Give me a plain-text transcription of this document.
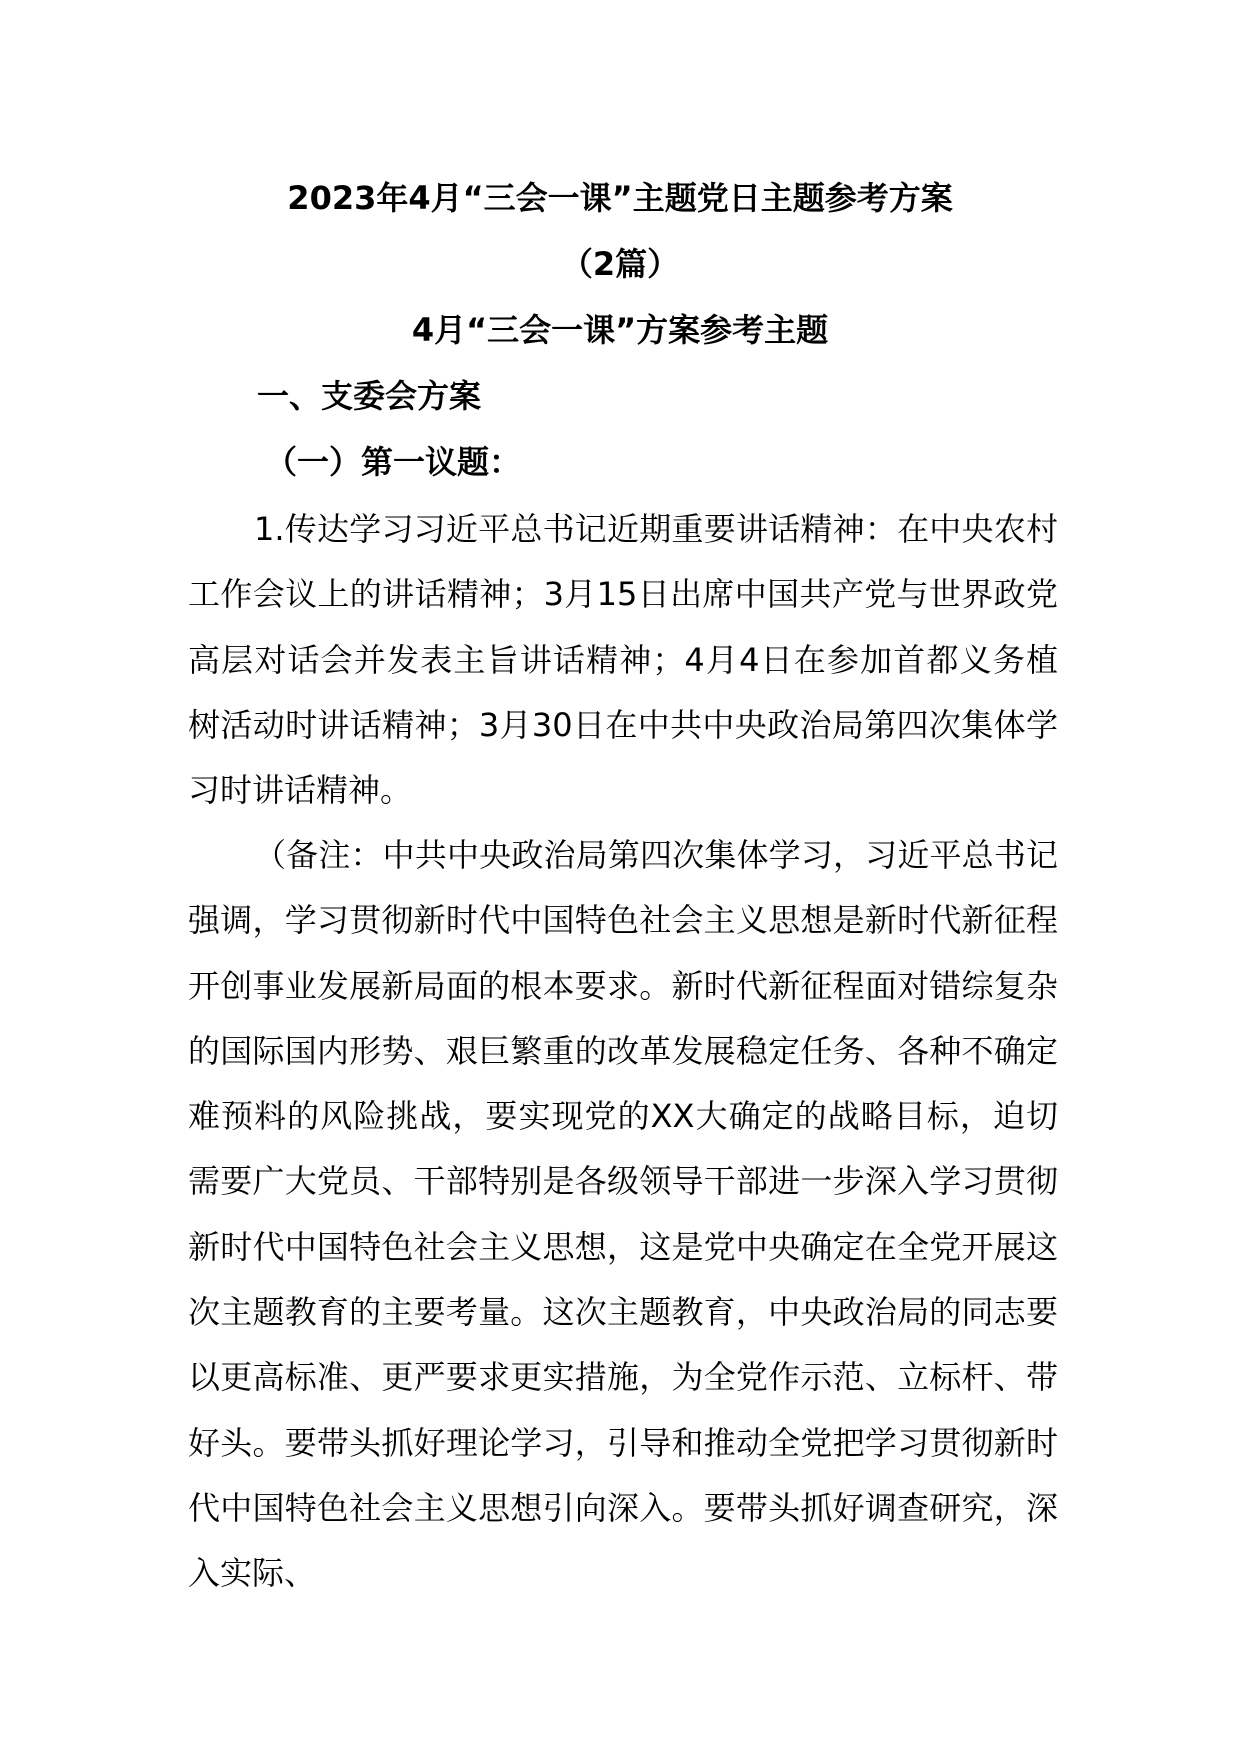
2023年4月“三会一课”主题党日主题参考方案
（2篇）
4月“三会一课”方案参考主题
一、支委会方案
（一）第一议题：

1.传达学习习近平总书记近期重要讲话精神：在中央农村工作会议上的讲话精神；3月15日出席中国共产党与世界政党高层对话会并发表主旨讲话精神；4月4日在参加首都义务植树活动时讲话精神；3月30日在中共中央政治局第四次集体学习时讲话精神。

（备注：中共中央政治局第四次集体学习，习近平总书记强调，学习贯彻新时代中国特色社会主义思想是新时代新征程开创事业发展新局面的根本要求。新时代新征程面对错综复杂的国际国内形势、艰巨繁重的改革发展稳定任务、各种不确定难预料的风险挑战，要实现党的XX大确定的战略目标，迫切需要广大党员、干部特别是各级领导干部进一步深入学习贯彻新时代中国特色社会主义思想，这是党中央确定在全党开展这次主题教育的主要考量。这次主题教育，中央政治局的同志要以更高标准、更严要求更实措施，为全党作示范、立标杆、带好头。要带头抓好理论学习，引导和推动全党把学习贯彻新时代中国特色社会主义思想引向深入。要带头抓好调查研究，深入实际、
